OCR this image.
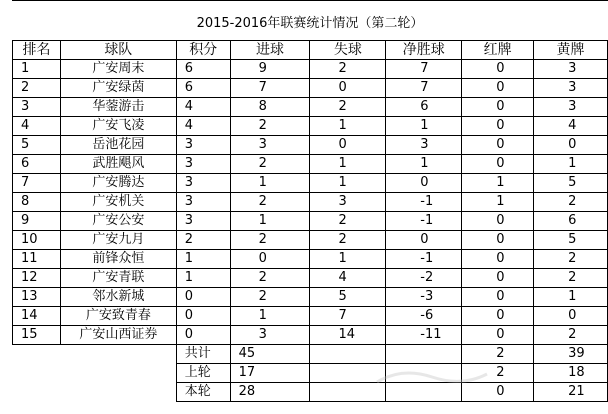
2015-2016年联赛统计情况（第二轮）
排名	球队	积分	进球	失球	净胜球	红牌	黄牌
1	广安周末	6	9	2	7	0	3
2	广安绿茵	6	7	0	7	0	3
3	华蓥游击	4	8	2	6	0	3
4	广安飞凌	4	2	1	1	0	4
5	岳池花园	3	3	0	3	0	0
6	武胜飓风	3	2	1	1	0	1
7	广安腾达	3	1	1	0	1	5
8	广安机关	3	2	3	-1	1	2
9	广安公安	3	1	2	-1	0	6
10	广安九月	2	2	2	0	0	5
11	前锋众恒	1	0	1	-1	0	2
12	广安青联	1	2	4	-2	0	2
13	邻水新城	0	2	5	-3	0	1
14	广安致青春	0	1	7	-6	0	0
15	广安山西证券	0	3	14	-11	0	2
		共计	45			2	39
		上轮	17			2	18
		本轮	28			0	21
